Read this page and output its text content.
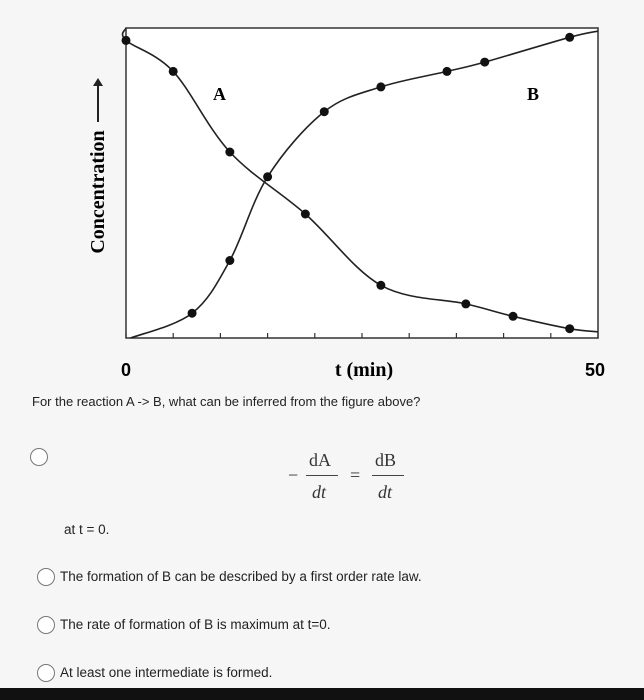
Concentration
A	B
0	50
t (min)
For the reaction A -> B, what can be inferred from the figure above?
−
dA
dt
=
dB
dt
at t = 0.
The formation of B can be described by a first order rate law.
The rate of formation of B is maximum at t=0.
At least one intermediate is formed.
